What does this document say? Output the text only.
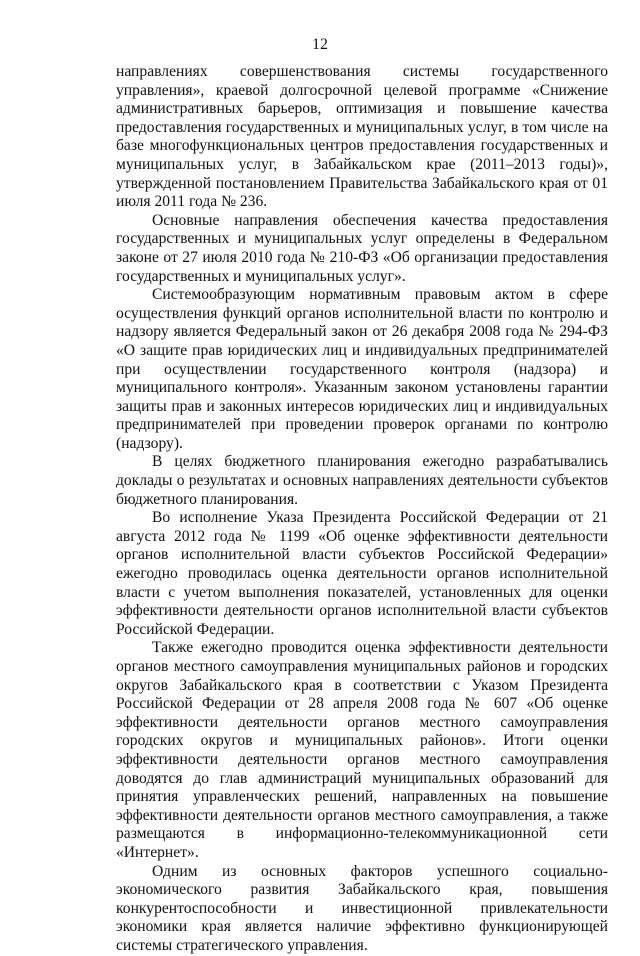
12

направлениях совершенствования системы государственного управления», краевой долгосрочной целевой программе «Снижение административных барьеров, оптимизация и повышение качества предоставления государственных и муниципальных услуг, в том числе на базе многофункциональных центров предоставления государственных и муниципальных услуг, в Забайкальском крае (2011–2013 годы)», утвержденной постановлением Правительства Забайкальского края от 01 июля 2011 года № 236.

Основные направления обеспечения качества предоставления государственных и муниципальных услуг определены в Федеральном законе от 27 июля 2010 года № 210-ФЗ «Об организации предоставления государственных и муниципальных услуг».

Системообразующим нормативным правовым актом в сфере осуществления функций органов исполнительной власти по контролю и надзору является Федеральный закон от 26 декабря 2008 года № 294-ФЗ «О защите прав юридических лиц и индивидуальных предпринимателей при осуществлении государственного контроля (надзора) и муниципального контроля». Указанным законом установлены гарантии защиты прав и законных интересов юридических лиц и индивидуальных предпринимателей при проведении проверок органами по контролю (надзору).

В целях бюджетного планирования ежегодно разрабатывались доклады о результатах и основных направлениях деятельности субъектов бюджетного планирования.

Во исполнение Указа Президента Российской Федерации от 21 августа 2012 года № 1199 «Об оценке эффективности деятельности органов исполнительной власти субъектов Российской Федерации» ежегодно проводилась оценка деятельности органов исполнительной власти с учетом выполнения показателей, установленных для оценки эффективности деятельности органов исполнительной власти субъектов Российской Федерации.

Также ежегодно проводится оценка эффективности деятельности органов местного самоуправления муниципальных районов и городских округов Забайкальского края в соответствии с Указом Президента Российской Федерации от 28 апреля 2008 года № 607 «Об оценке эффективности деятельности органов местного самоуправления городских округов и муниципальных районов». Итоги оценки эффективности деятельности органов местного самоуправления доводятся до глав администраций муниципальных образований для принятия управленческих решений, направленных на повышение эффективности деятельности органов местного самоуправления, а также размещаются в информационно-телекоммуникационной сети «Интернет».

Одним из основных факторов успешного социально-экономического развития Забайкальского края, повышения конкурентоспособности и инвестиционной привлекательности экономики края является наличие эффективно функционирующей системы стратегического управления.
